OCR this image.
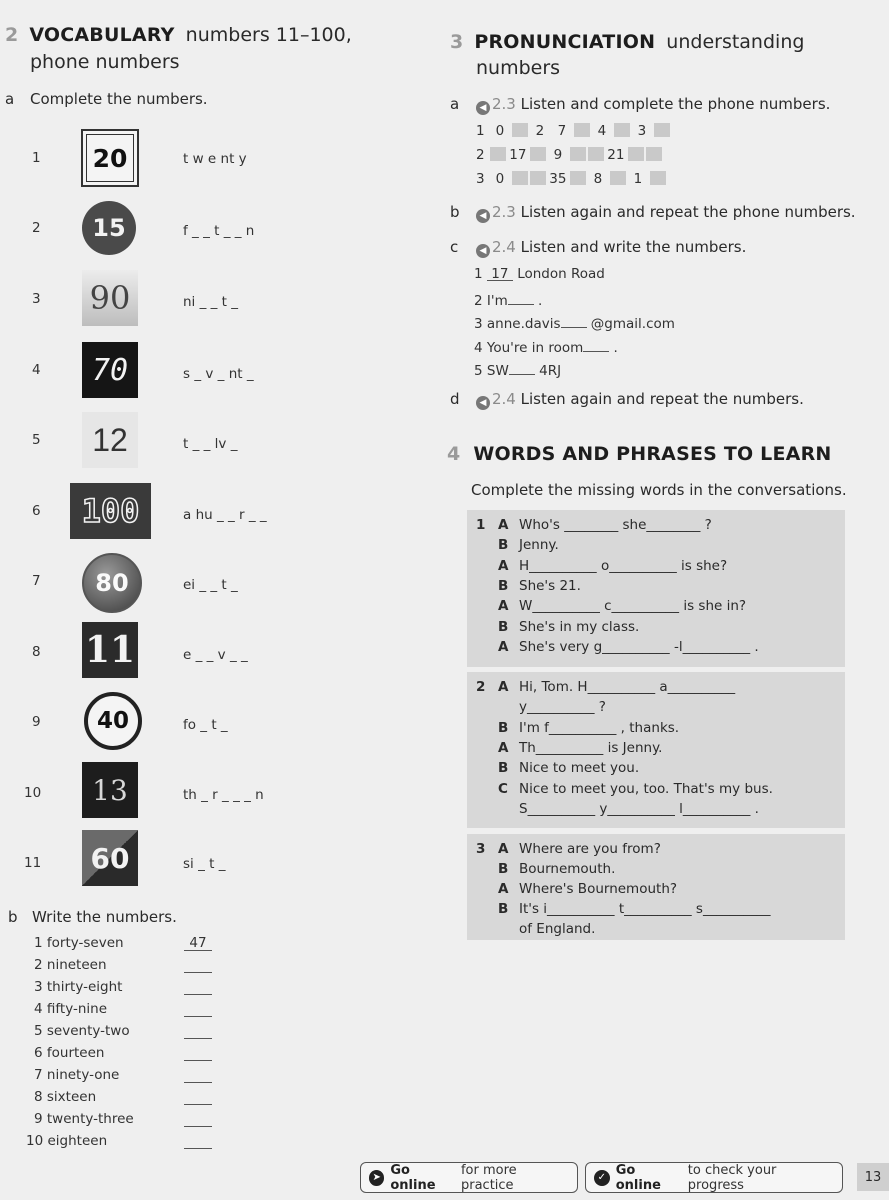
2 VOCABULARY numbers 11–100,
phone numbers
a Complete the numbers.
1 20	t w e nt y
2 15	f _ _ t _ _ n
3 90	ni _ _ t _
4 70	s _ v _ nt _
5 12	t _ _ lv _
6 100	a hu _ _ r _ _
7 80	ei _ _ t _
8 11	e _ _ v _ _
9 40	fo _ t _
10 13	th _ r _ _ _ n
11 60	si _ t _
b Write the numbers.
1 forty-seven	47
2 nineteen
3 thirty-eight
4 fifty-nine
5 seventy-two
6 fourteen
7 ninety-one
8 sixteen
9 twenty-three
10 eighteen
3 PRONUNCIATION understanding
numbers
a	◀ 2.3 Listen and complete the phone numbers.
1 0 2 7 4 3
2 17 9	21
3 0	35 8 1
b	◀ 2.3 Listen again and repeat the phone numbers.
c	◀ 2.4 Listen and write the numbers.
1 17 London Road
2 I'm .
3 anne.davis @gmail.com
4 You're in room .
5 SW 4RJ
d	◀ 2.4 Listen again and repeat the numbers.
4 WORDS AND PHRASES TO LEARN
Complete the missing words in the conversations.
1 A Who's ________ she________ ?
B Jenny.
A H__________ o__________ is she?
B She's 21.
A W__________ c__________ is she in?
B She's in my class.
A She's very g__________ -l__________ .
2 A Hi, Tom. H__________ a__________
y__________ ?
B I'm f__________ , thanks.
A Th__________ is Jenny.
B Nice to meet you.
C Nice to meet you, too. That's my bus.
S__________ y__________ l__________ .
3 A Where are you from?
B Bournemouth.
A Where's Bournemouth?
B It's i__________ t__________ s__________
of England.
➤ Go online
for more practice
✓ Go online
to check your progress
13
